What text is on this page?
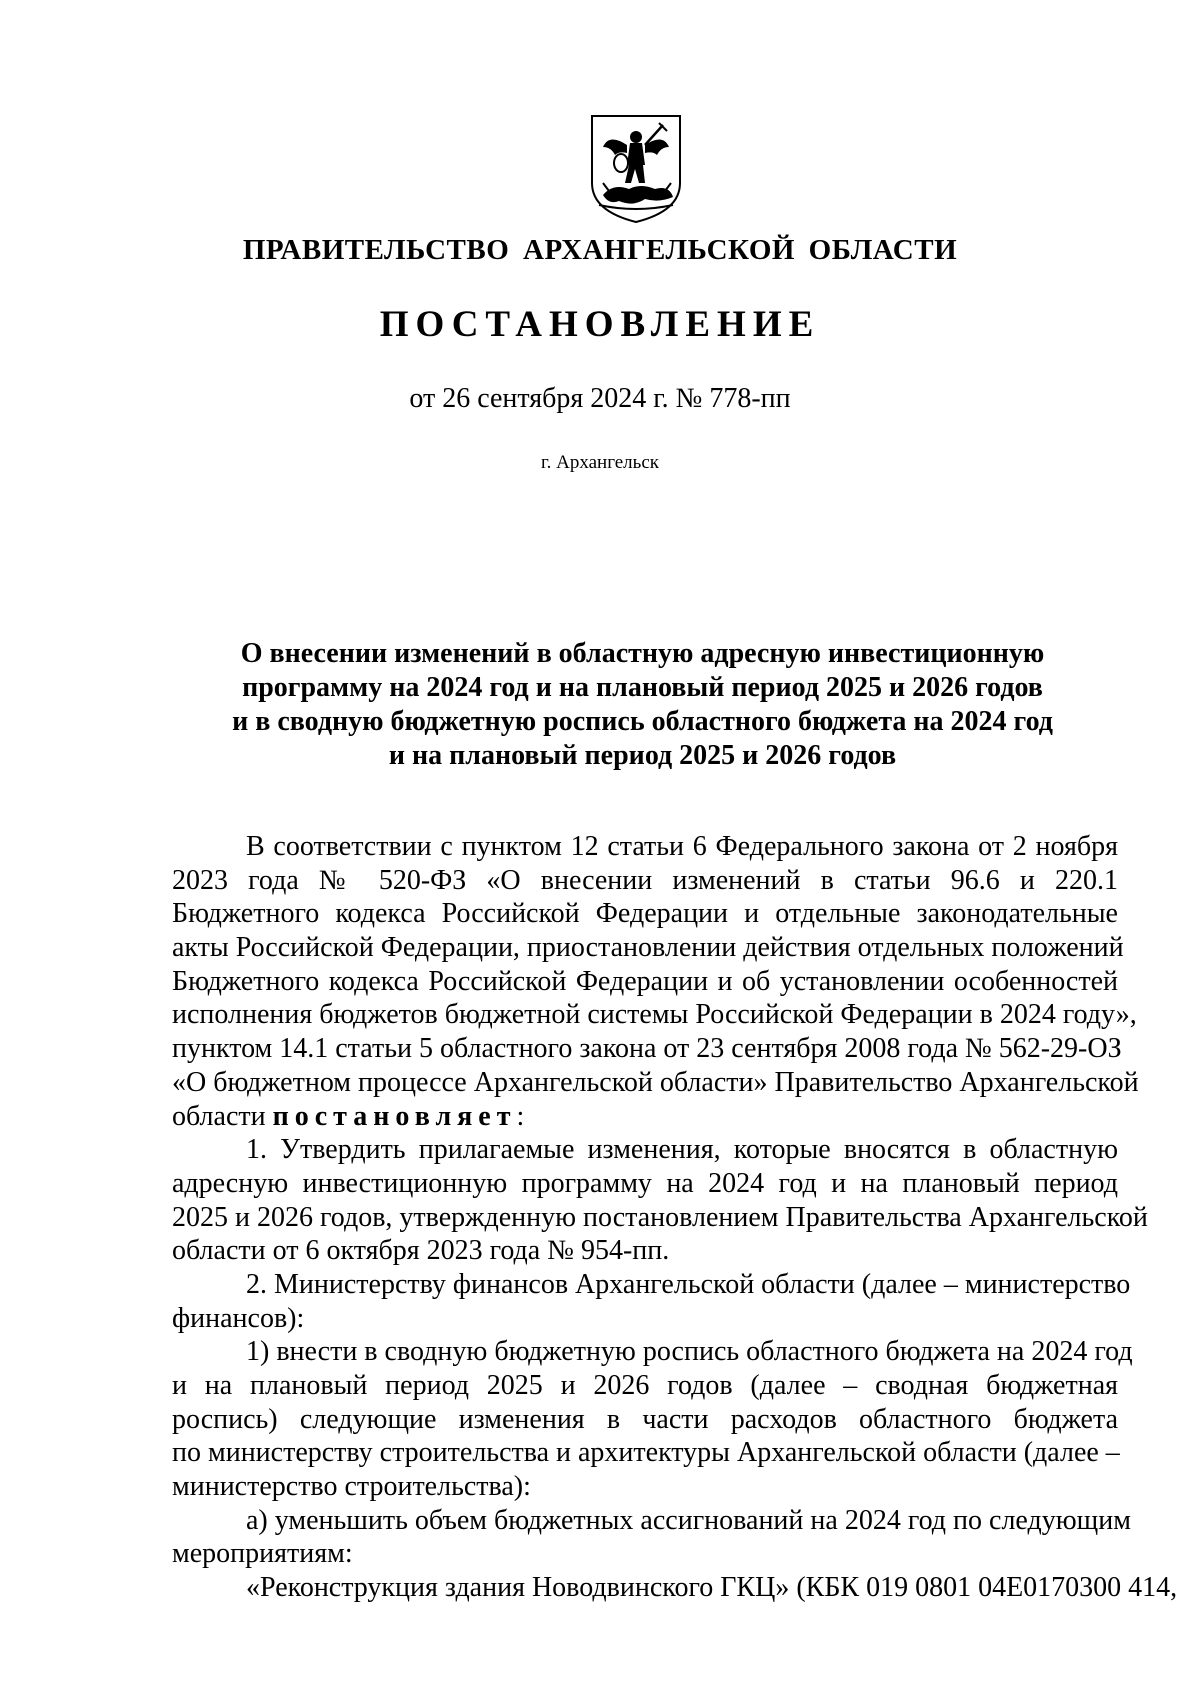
ПРАВИТЕЛЬСТВО АРХАНГЕЛЬСКОЙ ОБЛАСТИ
ПОСТАНОВЛЕНИЕ
от 26 сентября 2024 г. № 778-пп
г. Архангельск
О внесении изменений в областную адресную инвестиционную
программу на 2024 год и на плановый период 2025 и 2026 годов
и в сводную бюджетную роспись областного бюджета на 2024 год
и на плановый период 2025 и 2026 годов
В соответствии с пунктом 12 статьи 6 Федерального закона от 2 ноября
2023 года № 520-ФЗ «О внесении изменений в статьи 96.6 и 220.1
Бюджетного кодекса Российской Федерации и отдельные законодательные
акты Российской Федерации, приостановлении действия отдельных положений
Бюджетного кодекса Российской Федерации и об установлении особенностей
исполнения бюджетов бюджетной системы Российской Федерации в 2024 году»,
пунктом 14.1 статьи 5 областного закона от 23 сентября 2008 года № 562-29-ОЗ
«О бюджетном процессе Архангельской области» Правительство Архангельской
области постановляет:
1. Утвердить прилагаемые изменения, которые вносятся в областную
адресную инвестиционную программу на 2024 год и на плановый период
2025 и 2026 годов, утвержденную постановлением Правительства Архангельской
области от 6 октября 2023 года № 954-пп.
2. Министерству финансов Архангельской области (далее – министерство
финансов):
1) внести в сводную бюджетную роспись областного бюджета на 2024 год
и на плановый период 2025 и 2026 годов (далее – сводная бюджетная
роспись) следующие изменения в части расходов областного бюджета
по министерству строительства и архитектуры Архангельской области (далее –
министерство строительства):
а) уменьшить объем бюджетных ассигнований на 2024 год по следующим
мероприятиям:
«Реконструкция здания Новодвинского ГКЦ» (КБК 019 0801 04Е0170300 414,
